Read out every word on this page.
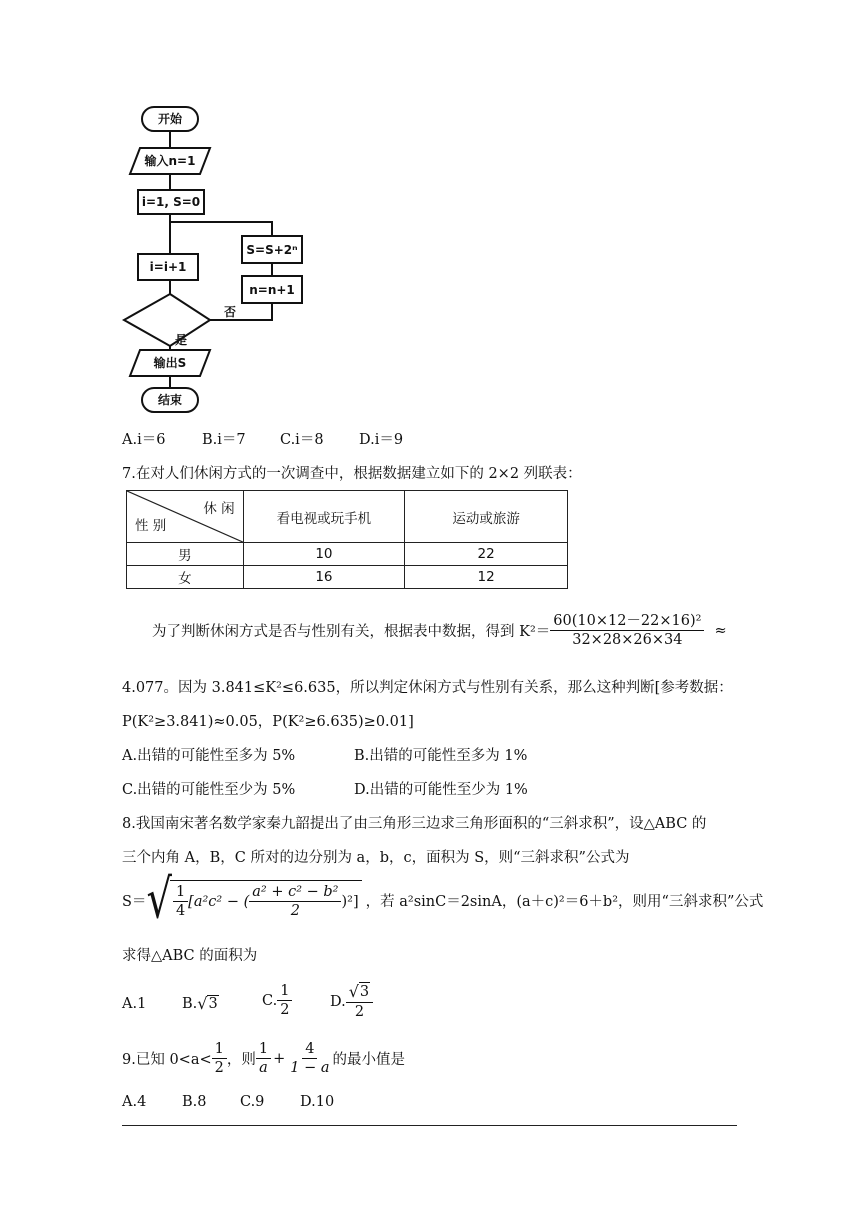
开始
输入n=1
i=1, S=0
S=S+2ⁿ
i=i+1
n=n+1
否
是
输出S
结束
A.i＝6	B.i＝7 C.i＝8 D.i＝9
7.在对人们休闲方式的一次调查中，根据数据建立如下的 2×2 列联表：
休 闲
性 别	看电视或玩手机	运动或旅游
男	10	22
女	16	12
为了判断休闲方式是否与性别有关，根据表中数据，得到 $K^2= \frac{\text{60(10×12－22×16)²}}{32\times 28\times 26\times 34}$ ≈
4.077。因为 3.841≤K²≤6.635，所以判定休闲方式与性别有关系，那么这种判断[参考数据：
P(K²≥3.841)≈0.05，P(K²≥6.635)≥0.01]
A.出错的可能性至多为 5%	B.出错的可能性至多为 1%
C.出错的可能性至少为 5%	D.出错的可能性至少为 1%
8.我国南宋著名数学家秦九韶提出了由三角形三边求三角形面积的“三斜求积”，设△ABC 的
三个内角 A，B，C 所对的边分别为 a，b，c，面积为 S，则“三斜求积”公式为
S＝ √ $\frac{1}{4} [a^2c^2$ − ( $\frac{\text{a² + c² − b²}}{2} )^2$] ，若 a²sinC＝2sinA，(a＋c)²＝6＋b²，则用“三斜求积”公式
求得△ABC 的面积为
A.1 B. √ 3	C. $\frac{1}{2}$	D. $\frac{√ 3}{2}$
9.已知 $0<a< \frac{1}{2}$ ，则 $\frac{1}{a} + \frac{4}{1 - a}$ 的最小值是
A.4 B.8 C.9 D.10
